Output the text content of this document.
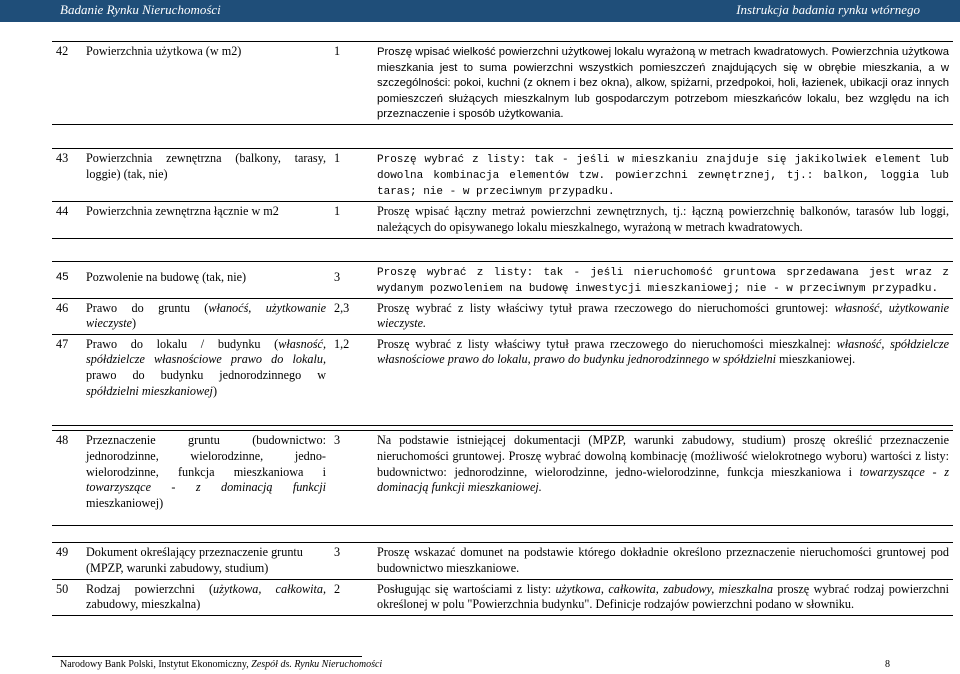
Badanie Rynku Nieruchomości	Instrukcja badania rynku wtórnego
42	Powierzchnia użytkowa (w m2)	1	Proszę wpisać wielkość powierzchni użytkowej lokalu wyrażoną w metrach kwadratowych. Powierzchnia użytkowa mieszkania jest to suma powierzchni wszystkich pomieszczeń znajdujących się w obrębie mieszkania, a w szczególności: pokoi, kuchni (z oknem i bez okna), alkow, spiżarni, przedpokoi, holi, łazienek, ubikacji oraz innych pomieszczeń służących mieszkalnym lub gospodarczym potrzebom mieszkańców lokalu, bez względu na ich przeznaczenie i sposób użytkowania.

43	Powierzchnia zewnętrzna (balkony, tarasy, loggie) (tak, nie)	1	Proszę wybrać z listy: tak - jeśli w mieszkaniu znajduje się jakikolwiek element lub dowolna kombinacja elementów tzw. powierzchni zewnętrznej, tj.: balkon, loggia lub taras; nie - w przeciwnym przypadku.
44	Powierzchnia zewnętrzna łącznie w m2	1	Proszę wpisać łączny metraż powierzchni zewnętrznych, tj.: łączną powierzchnię balkonów, tarasów lub loggi, należących do opisywanego lokalu mieszkalnego, wyrażoną w metrach kwadratowych.

45	Pozwolenie na budowę (tak, nie)	3	Proszę wybrać z listy: tak - jeśli nieruchomość gruntowa sprzedawana jest wraz z wydanym pozwoleniem na budowę inwestycji mieszkaniowej; nie - w przeciwnym przypadku.
46	Prawo do gruntu (włanoćś, użytkowanie wieczyste)	2,3	Proszę wybrać z listy właściwy tytuł prawa rzeczowego do nieruchomości gruntowej: własność, użytkowanie wieczyste.
47	Prawo do lokalu / budynku (własność, spółdzielcze własnościowe prawo do lokalu, prawo do budynku jednorodzinnego w spółdzielni mieszkaniowej)	1,2	Proszę wybrać z listy właściwy tytuł prawa rzeczowego do nieruchomości mieszkalnej: własność, spółdzielcze własnościowe prawo do lokalu, prawo do budynku jednorodzinnego w spółdzielni mieszkaniowej.

48	Przeznaczenie gruntu (budownictwo: jednorodzinne, wielorodzinne, jedno-wielorodzinne, funkcja mieszkaniowa i towarzyszące - z dominacją funkcji mieszkaniowej)	3	Na podstawie istniejącej dokumentacji (MPZP, warunki zabudowy, studium) proszę określić przeznaczenie nieruchomości gruntowej. Proszę wybrać dowolną kombinację (możliwość wielokrotnego wyboru) wartości z listy: budownictwo: jednorodzinne, wielorodzinne, jedno-wielorodzinne, funkcja mieszkaniowa i towarzyszące - z dominacją funkcji mieszkaniowej.

49	Dokument określający przeznaczenie gruntu (MPZP, warunki zabudowy, studium)	3	Proszę wskazać domunet na podstawie którego dokładnie określono przeznaczenie nieruchomości gruntowej pod budownictwo mieszkaniowe.
50	Rodzaj powierzchni (użytkowa, całkowita, zabudowy, mieszkalna)	2	Posługując się wartościami z listy: użytkowa, całkowita, zabudowy, mieszkalna proszę wybrać rodzaj powierzchni określonej w polu "Powierzchnia budynku". Definicje rodzajów powierzchni podano w słowniku.
Narodowy Bank Polski, Instytut Ekonomiczny, Zespół ds. Rynku Nieruchomości	8
